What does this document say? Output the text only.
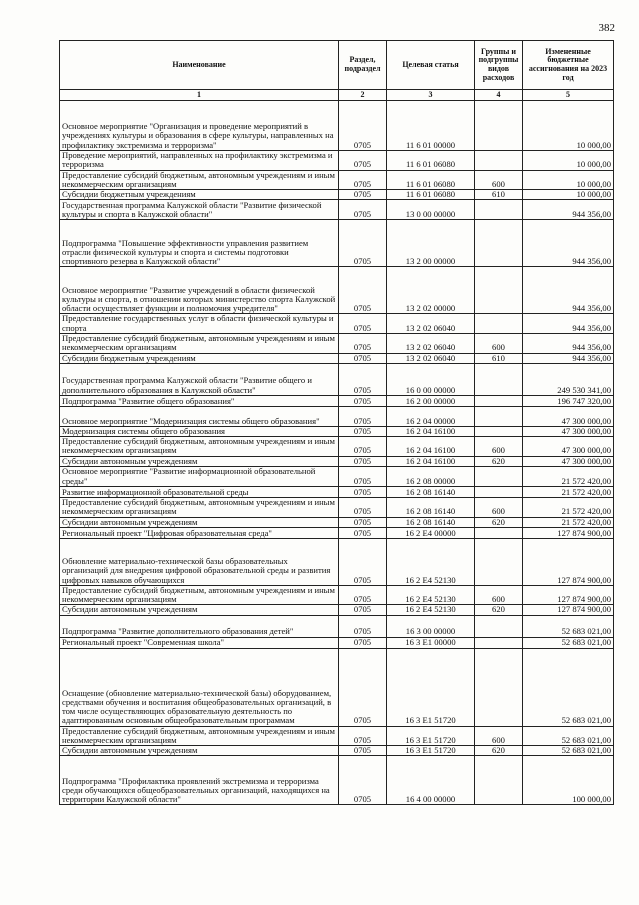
382
Наименование	Раздел, подраздел	Целевая статья	Группы и подгруппы видов расходов	Измененные бюджетные ассигнования на 2023 год
1	2	3	4	5
Основное мероприятие "Организация и проведение мероприятий в учреждениях культуры и образования в сфере культуры, направленных на профилактику экстремизма и терроризма"	0705	11 6 01 00000		10 000,00
Проведение мероприятий, направленных на профилактику экстремизма и терроризма	0705	11 6 01 06080		10 000,00
Предоставление субсидий бюджетным, автономным учреждениям и иным некоммерческим организациям	0705	11 6 01 06080	600	10 000,00
Субсидии бюджетным учреждениям	0705	11 6 01 06080	610	10 000,00
Государственная программа Калужской области "Развитие физической культуры и спорта в Калужской области"	0705	13 0 00 00000		944 356,00
Подпрограмма "Повышение эффективности управления развитием отрасли физической культуры и спорта и системы подготовки спортивного резерва в Калужской области"	0705	13 2 00 00000		944 356,00
Основное мероприятие "Развитие учреждений в области физической культуры и спорта, в отношении которых министерство спорта Калужской области осуществляет функции и полномочия учредителя"	0705	13 2 02 00000		944 356,00
Предоставление государственных услуг в области физической культуры и спорта	0705	13 2 02 06040		944 356,00
Предоставление субсидий бюджетным, автономным учреждениям и иным некоммерческим организациям	0705	13 2 02 06040	600	944 356,00
Субсидии бюджетным учреждениям	0705	13 2 02 06040	610	944 356,00
Государственная программа Калужской области "Развитие общего и дополнительного образования в Калужской области"	0705	16 0 00 00000		249 530 341,00
Подпрограмма "Развитие общего образования"	0705	16 2 00 00000		196 747 320,00
Основное мероприятие "Модернизация системы общего образования"	0705	16 2 04 00000		47 300 000,00
Модернизация системы общего образования	0705	16 2 04 16100		47 300 000,00
Предоставление субсидий бюджетным, автономным учреждениям и иным некоммерческим организациям	0705	16 2 04 16100	600	47 300 000,00
Субсидии автономным учреждениям	0705	16 2 04 16100	620	47 300 000,00
Основное мероприятие "Развитие информационной образовательной среды"	0705	16 2 08 00000		21 572 420,00
Развитие информационной образовательной среды	0705	16 2 08 16140		21 572 420,00
Предоставление субсидий бюджетным, автономным учреждениям и иным некоммерческим организациям	0705	16 2 08 16140	600	21 572 420,00
Субсидии автономным учреждениям	0705	16 2 08 16140	620	21 572 420,00
Региональный проект "Цифровая образовательная среда"	0705	16 2 E4 00000		127 874 900,00
Обновление материально-технической базы образовательных организаций для внедрения цифровой образовательной среды и развития цифровых навыков обучающихся	0705	16 2 E4 52130		127 874 900,00
Предоставление субсидий бюджетным, автономным учреждениям и иным некоммерческим организациям	0705	16 2 E4 52130	600	127 874 900,00
Субсидии автономным учреждениям	0705	16 2 E4 52130	620	127 874 900,00
Подпрограмма "Развитие дополнительного образования детей"	0705	16 3 00 00000		52 683 021,00
Региональный проект "Современная школа"	0705	16 3 E1 00000		52 683 021,00
Оснащение (обновление материально-технической базы) оборудованием, средствами обучения и воспитания общеобразовательных организаций, в том числе осуществляющих образовательную деятельность по адаптированным основным общеобразовательным программам	0705	16 3 E1 51720		52 683 021,00
Предоставление субсидий бюджетным, автономным учреждениям и иным некоммерческим организациям	0705	16 3 E1 51720	600	52 683 021,00
Субсидии автономным учреждениям	0705	16 3 E1 51720	620	52 683 021,00
Подпрограмма "Профилактика проявлений экстремизма и терроризма среди обучающихся общеобразовательных организаций, находящихся на территории Калужской области"	0705	16 4 00 00000		100 000,00
